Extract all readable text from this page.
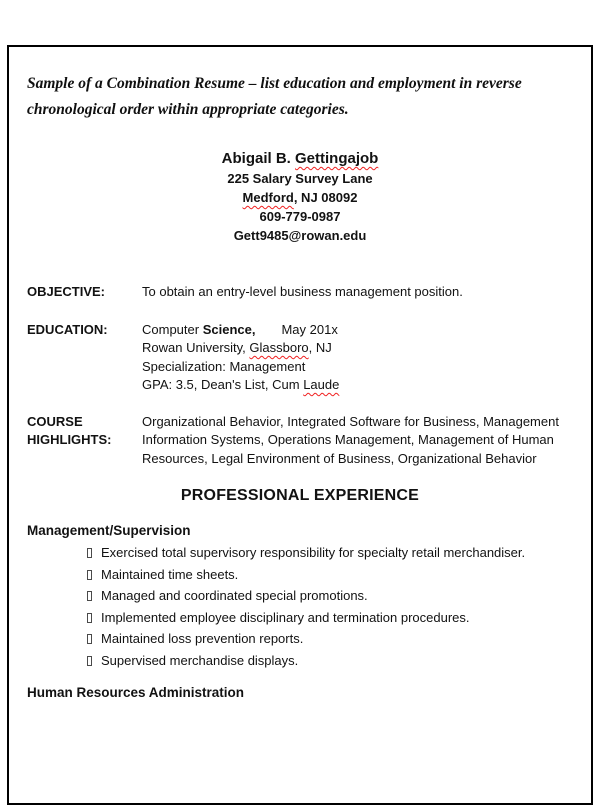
Sample of a Combination Resume – list education and employment in reverse chronological order within appropriate categories.

Abigail B. Gettingajob
225 Salary Survey Lane
Medford, NJ 08092
609-779-0987
Gett9485@rowan.edu
OBJECTIVE:	To obtain an entry-level business management position.
EDUCATION:	Computer Science, May 201x
Rowan University, Glassboro, NJ
Specialization: Management
GPA: 3.5, Dean's List, Cum Laude
COURSE
HIGHLIGHTS:
Organizational Behavior, Integrated Software for Business, Management Information Systems, Operations Management, Management of Human Resources, Legal Environment of Business, Organizational Behavior
PROFESSIONAL EXPERIENCE
Management/Supervision
Exercised total supervisory responsibility for specialty retail merchandiser.
Maintained time sheets.
Managed and coordinated special promotions.
Implemented employee disciplinary and termination procedures.
Maintained loss prevention reports.
Supervised merchandise displays.
Human Resources Administration
